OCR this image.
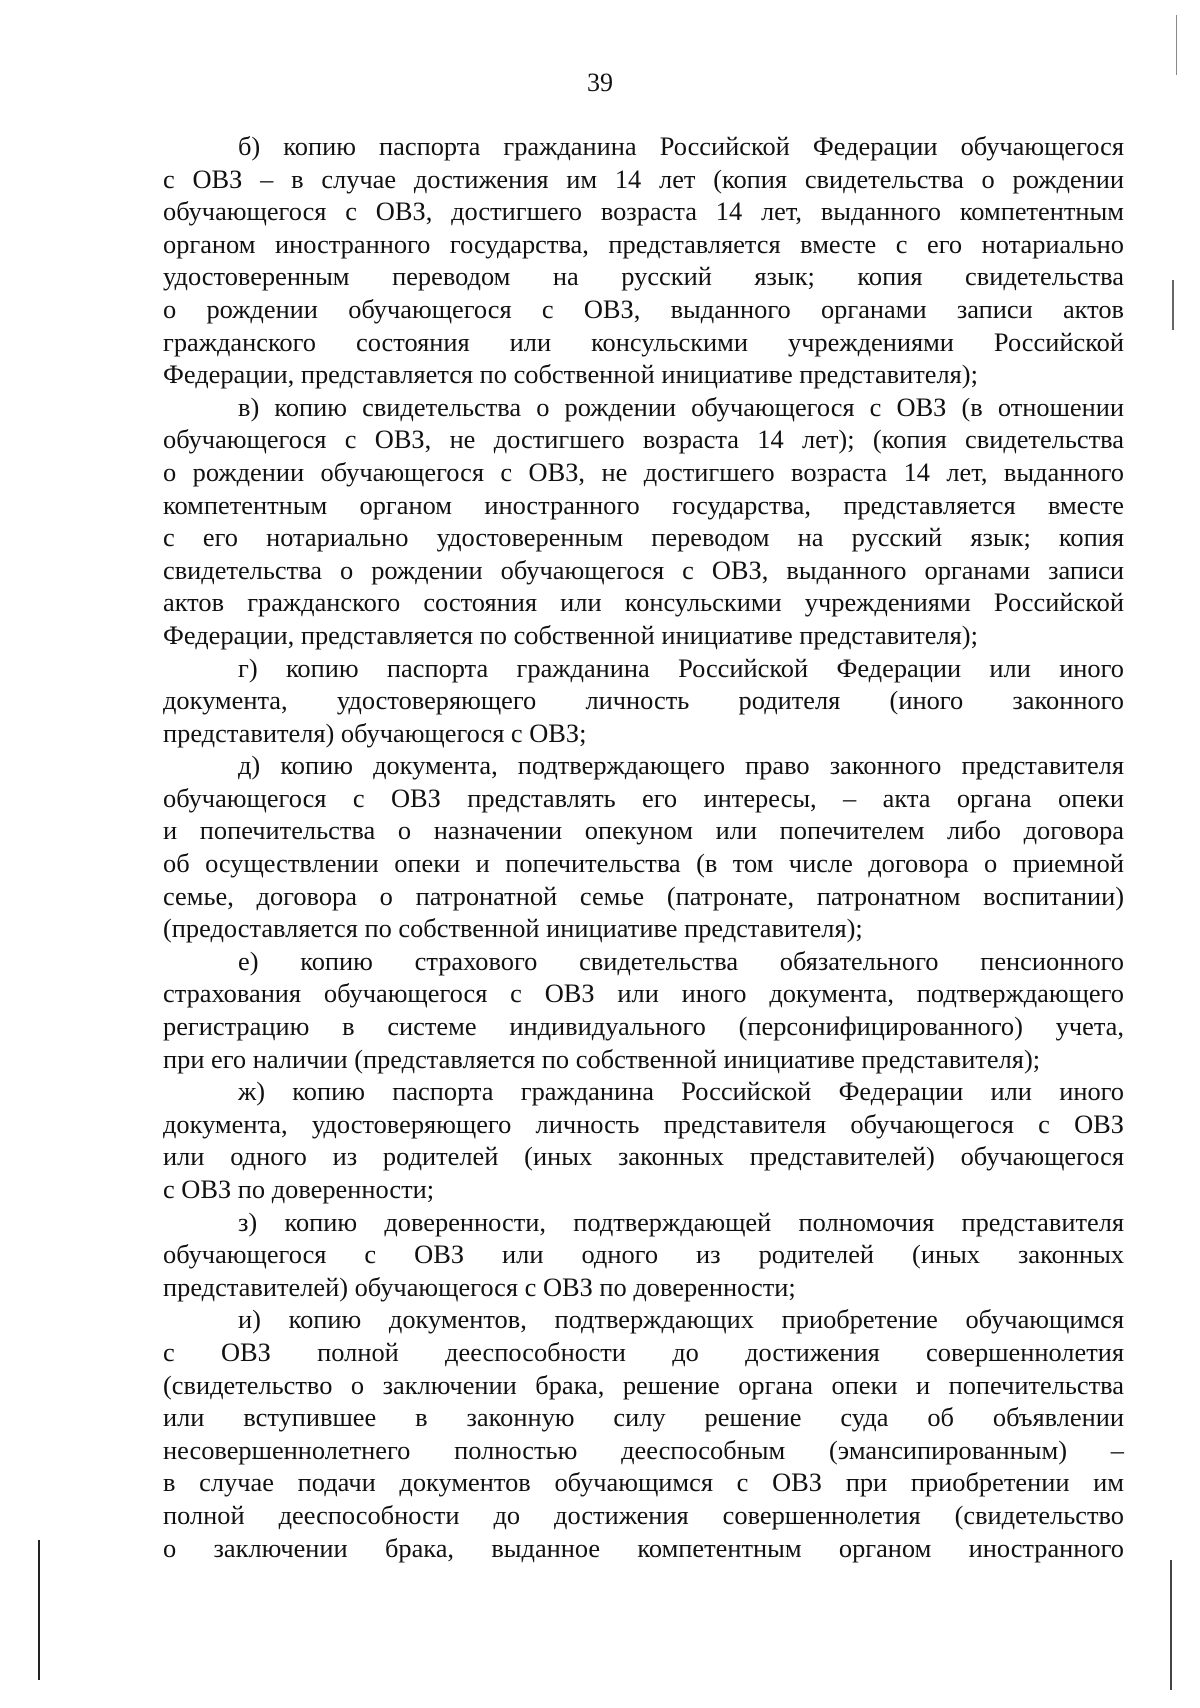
39
б) копию паспорта гражданина Российской Федерации обучающегося
с ОВЗ – в случае достижения им 14 лет (копия свидетельства о рождении
обучающегося с ОВЗ, достигшего возраста 14 лет, выданного компетентным
органом иностранного государства, представляется вместе с его нотариально
удостоверенным переводом на русский язык; копия свидетельства
о рождении обучающегося с ОВЗ, выданного органами записи актов
гражданского состояния или консульскими учреждениями Российской
Федерации, представляется по собственной инициативе представителя);
в) копию свидетельства о рождении обучающегося с ОВЗ (в отношении
обучающегося с ОВЗ, не достигшего возраста 14 лет); (копия свидетельства
о рождении обучающегося с ОВЗ, не достигшего возраста 14 лет, выданного
компетентным органом иностранного государства, представляется вместе
с его нотариально удостоверенным переводом на русский язык; копия
свидетельства о рождении обучающегося с ОВЗ, выданного органами записи
актов гражданского состояния или консульскими учреждениями Российской
Федерации, представляется по собственной инициативе представителя);
г) копию паспорта гражданина Российской Федерации или иного
документа, удостоверяющего личность родителя (иного законного
представителя) обучающегося с ОВЗ;
д) копию документа, подтверждающего право законного представителя
обучающегося с ОВЗ представлять его интересы, – акта органа опеки
и попечительства о назначении опекуном или попечителем либо договора
об осуществлении опеки и попечительства (в том числе договора о приемной
семье, договора о патронатной семье (патронате, патронатном воспитании)
(предоставляется по собственной инициативе представителя);
е) копию страхового свидетельства обязательного пенсионного
страхования обучающегося с ОВЗ или иного документа, подтверждающего
регистрацию в системе индивидуального (персонифицированного) учета,
при его наличии (представляется по собственной инициативе представителя);
ж) копию паспорта гражданина Российской Федерации или иного
документа, удостоверяющего личность представителя обучающегося с ОВЗ
или одного из родителей (иных законных представителей) обучающегося
с ОВЗ по доверенности;
з) копию доверенности, подтверждающей полномочия представителя
обучающегося с ОВЗ или одного из родителей (иных законных
представителей) обучающегося с ОВЗ по доверенности;
и) копию документов, подтверждающих приобретение обучающимся
с ОВЗ полной дееспособности до достижения совершеннолетия
(свидетельство о заключении брака, решение органа опеки и попечительства
или вступившее в законную силу решение суда об объявлении
несовершеннолетнего полностью дееспособным (эмансипированным) –
в случае подачи документов обучающимся с ОВЗ при приобретении им
полной дееспособности до достижения совершеннолетия (свидетельство
о заключении брака, выданное компетентным органом иностранного
